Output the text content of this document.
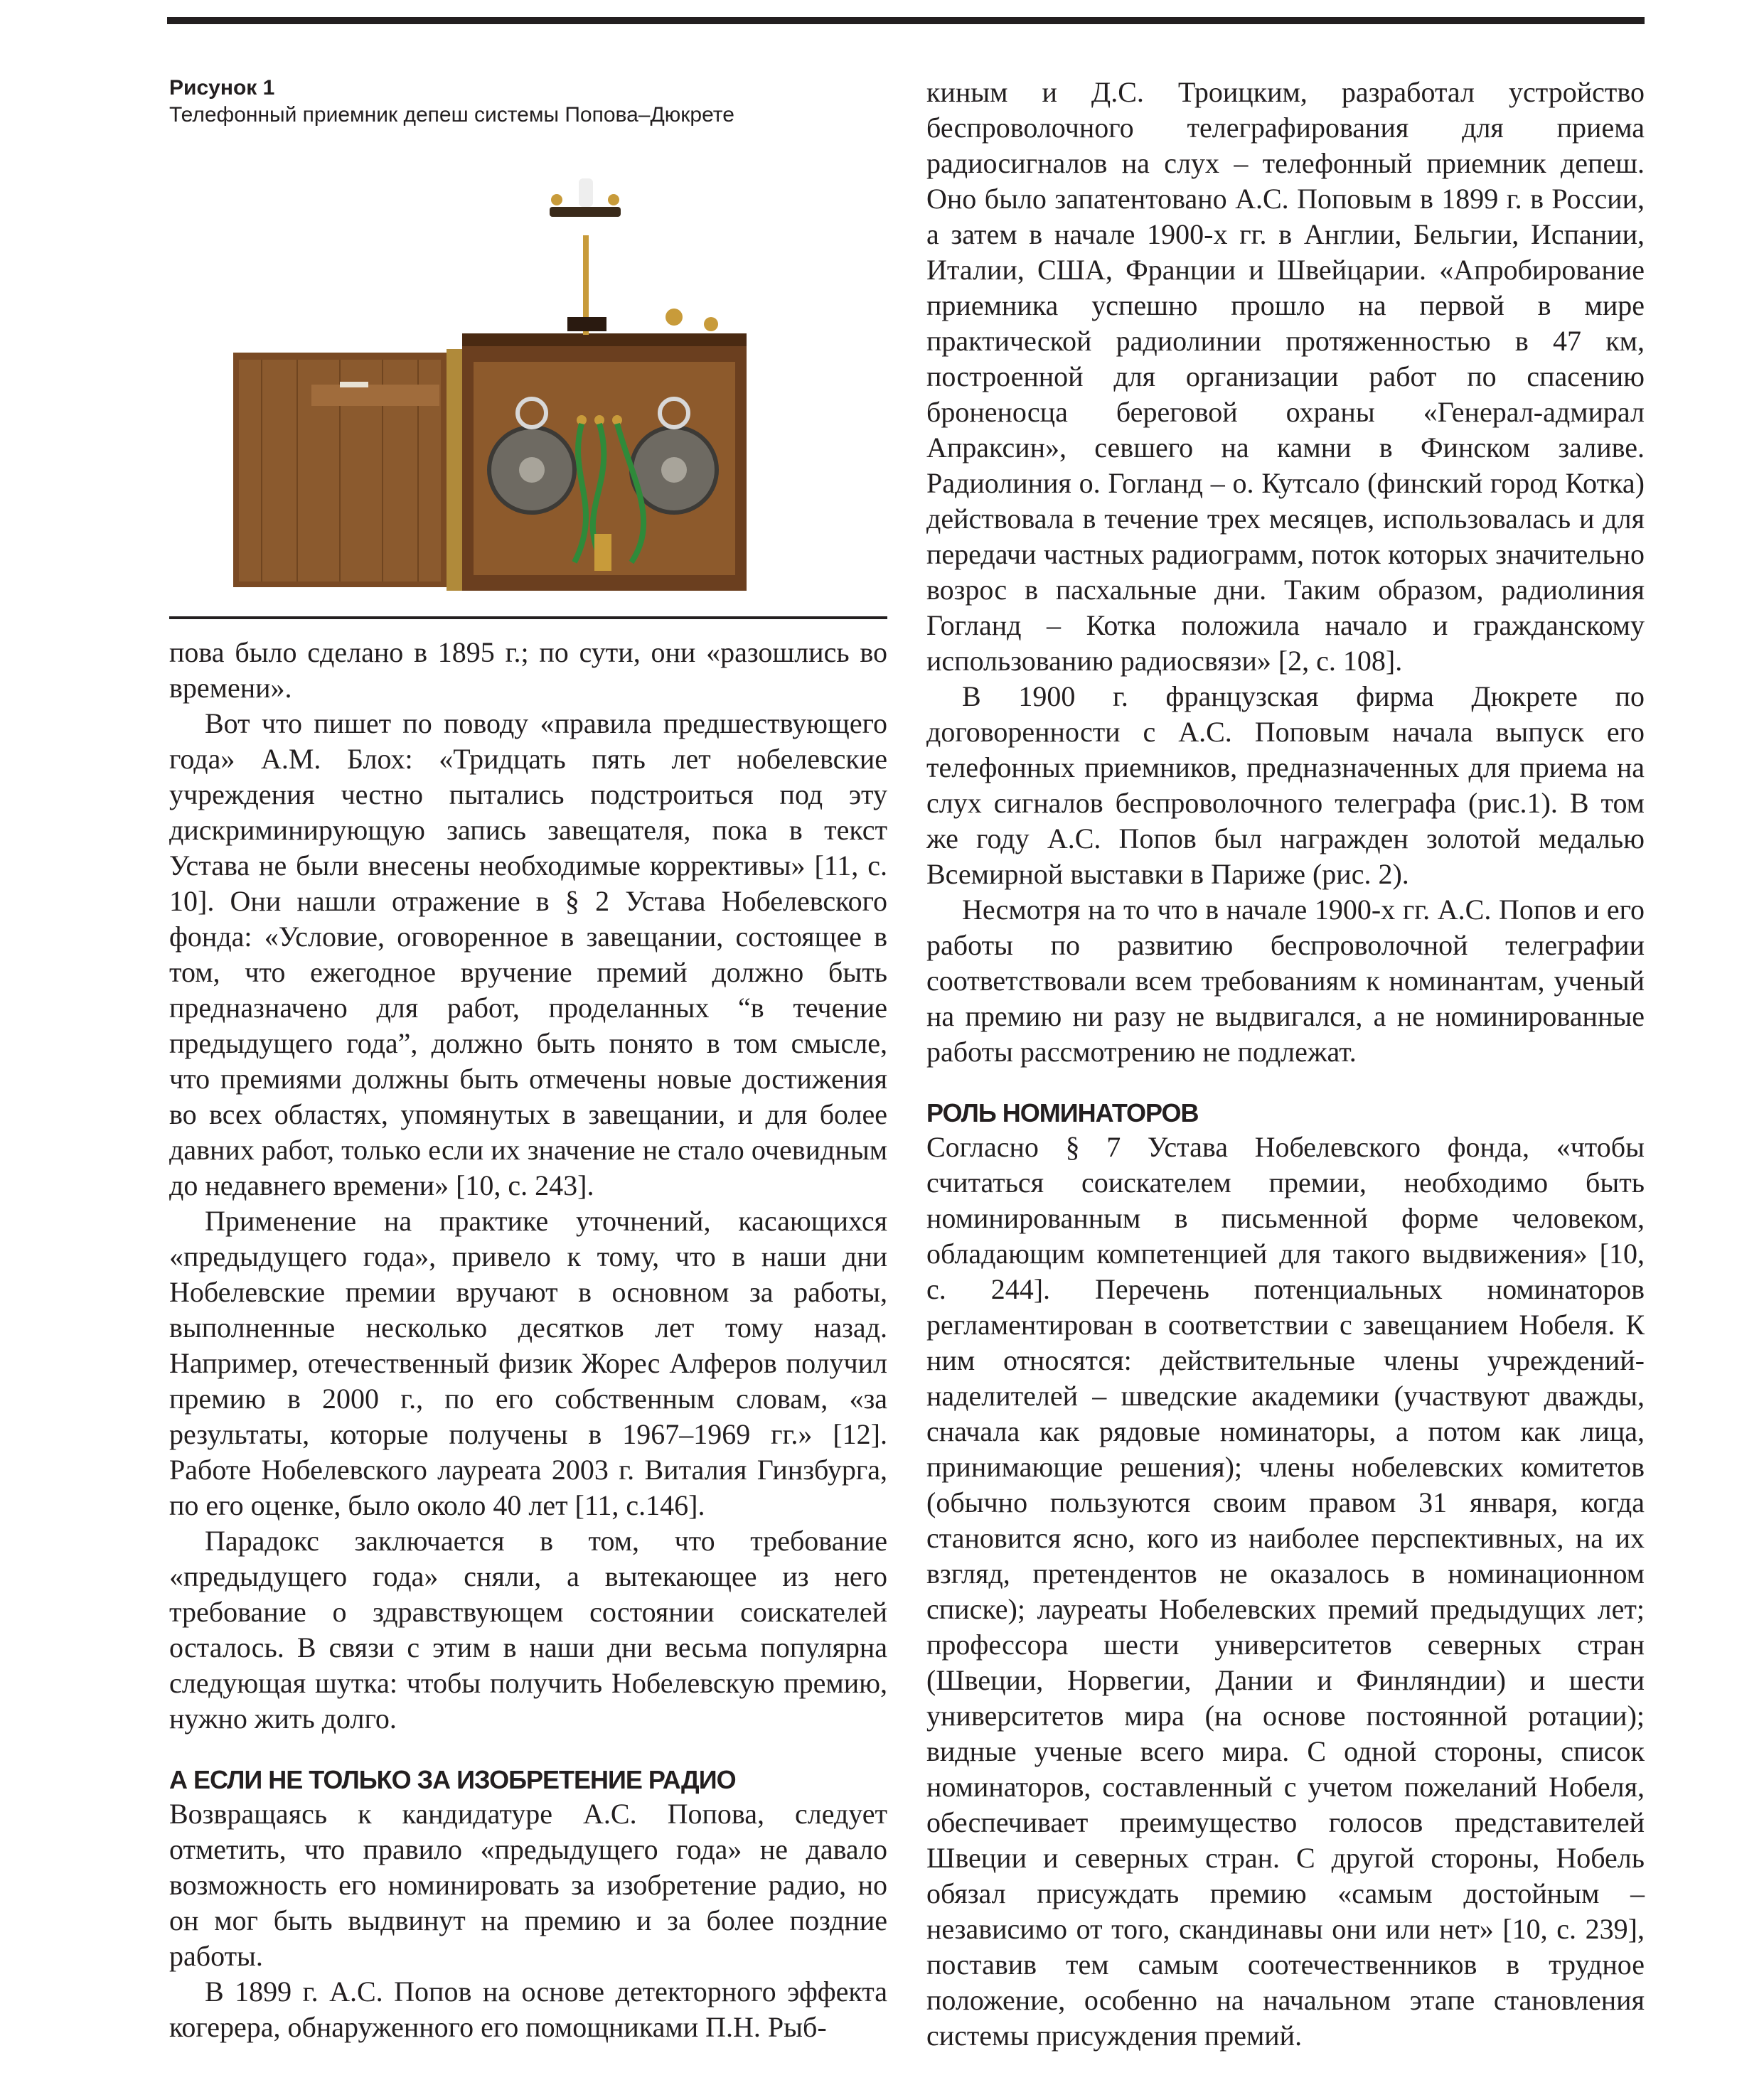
Рисунок 1

Телефонный приемник депеш системы Попова–Дюкрете

пова было сделано в 1895 г.; по сути, они «разошлись во времени».

Вот что пишет по поводу «правила предшествующего года» А.М. Блох: «Тридцать пять лет нобелевские учреждения честно пытались подстроиться под эту дискриминирующую запись завещателя, пока в текст Устава не были внесены необходимые коррективы» [11, с. 10]. Они нашли отражение в § 2 Устава Нобелевского фонда: «Условие, оговоренное в завещании, состоящее в том, что ежегодное вручение премий должно быть предназначено для работ, проделанных “в течение предыдущего года”, должно быть понято в том смысле, что премиями должны быть отмечены новые достижения во всех областях, упомянутых в завещании, и для более давних работ, только если их значение не стало очевидным до недавнего времени» [10, с. 243].

Применение на практике уточнений, касающихся «предыдущего года», привело к тому, что в наши дни Нобелевские премии вручают в основном за работы, выполненные несколько десятков лет тому назад. Например, отечественный физик Жорес Алферов получил премию в 2000 г., по его собственным словам, «за результаты, которые получены в 1967–1969 гг.» [12]. Работе Нобелевского лауреата 2003 г. Виталия Гинзбурга, по его оценке, было около 40 лет [11, с.146].

Парадокс заключается в том, что требование «предыдущего года» сняли, а вытекающее из него требование о здравствующем состоянии соискателей осталось. В связи с этим в наши дни весьма популярна следующая шутка: чтобы получить Нобелевскую премию, нужно жить долго.

А ЕСЛИ НЕ ТОЛЬКО ЗА ИЗОБРЕТЕНИЕ РАДИО

Возвращаясь к кандидатуре А.С. Попова, следует отметить, что правило «предыдущего года» не давало возможность его номинировать за изобретение радио, но он мог быть выдвинут на премию и за более поздние работы.

В 1899 г. А.С. Попов на основе детекторного эффекта когерера, обнаруженного его помощниками П.Н. Рыб-

киным и Д.С. Троицким, разработал устройство беспроволочного телеграфирования для приема радиосигналов на слух – телефонный приемник депеш. Оно было запатентовано А.С. Поповым в 1899 г. в России, а затем в начале 1900-х гг. в Англии, Бельгии, Испании, Италии, США, Франции и Швейцарии. «Апробирование приемника успешно прошло на первой в мире практической радиолинии протяженностью в 47 км, построенной для организации работ по спасению броненосца береговой охраны «Генерал-адмирал Апраксин», севшего на камни в Финском заливе. Радиолиния о. Гогланд – о. Кутсало (финский город Котка) действовала в течение трех месяцев, использовалась и для передачи частных радиограмм, поток которых значительно возрос в пасхальные дни. Таким образом, радиолиния Гогланд – Котка положила начало и гражданскому использованию радиосвязи» [2, с. 108].

В 1900 г. французская фирма Дюкрете по договоренности с А.С. Поповым начала выпуск его телефонных приемников, предназначенных для приема на слух сигналов беспроволочного телеграфа (рис.1). В том же году А.С. Попов был награжден золотой медалью Всемирной выставки в Париже (рис. 2).

Несмотря на то что в начале 1900-х гг. А.С. Попов и его работы по развитию беспроволочной телеграфии соответствовали всем требованиям к номинантам, ученый на премию ни разу не выдвигался, а не номинированные работы рассмотрению не подлежат.

РОЛЬ НОМИНАТОРОВ

Согласно § 7 Устава Нобелевского фонда, «чтобы считаться соискателем премии, необходимо быть номинированным в письменной форме человеком, обладающим компетенцией для такого выдвижения» [10, с. 244]. Перечень потенциальных номинаторов регламентирован в соответствии с завещанием Нобеля. К ним относятся: действительные члены учреждений-наделителей – шведские академики (участвуют дважды, сначала как рядовые номинаторы, а потом как лица, принимающие решения); члены нобелевских комитетов (обычно пользуются своим правом 31 января, когда становится ясно, кого из наиболее перспективных, на их взгляд, претендентов не оказалось в номинационном списке); лауреаты Нобелевских премий предыдущих лет; профессора шести университетов северных стран (Швеции, Норвегии, Дании и Финляндии) и шести университетов мира (на основе постоянной ротации); видные ученые всего мира. С одной стороны, список номинаторов, составленный с учетом пожеланий Нобеля, обеспечивает преимущество голосов представителей Швеции и северных стран. С другой стороны, Нобель обязал присуждать премию «самым достойным – независимо от того, скандинавы они или нет» [10, с. 239], поставив тем самым соотечественников в трудное положение, особенно на начальном этапе становления системы присуждения премий.
